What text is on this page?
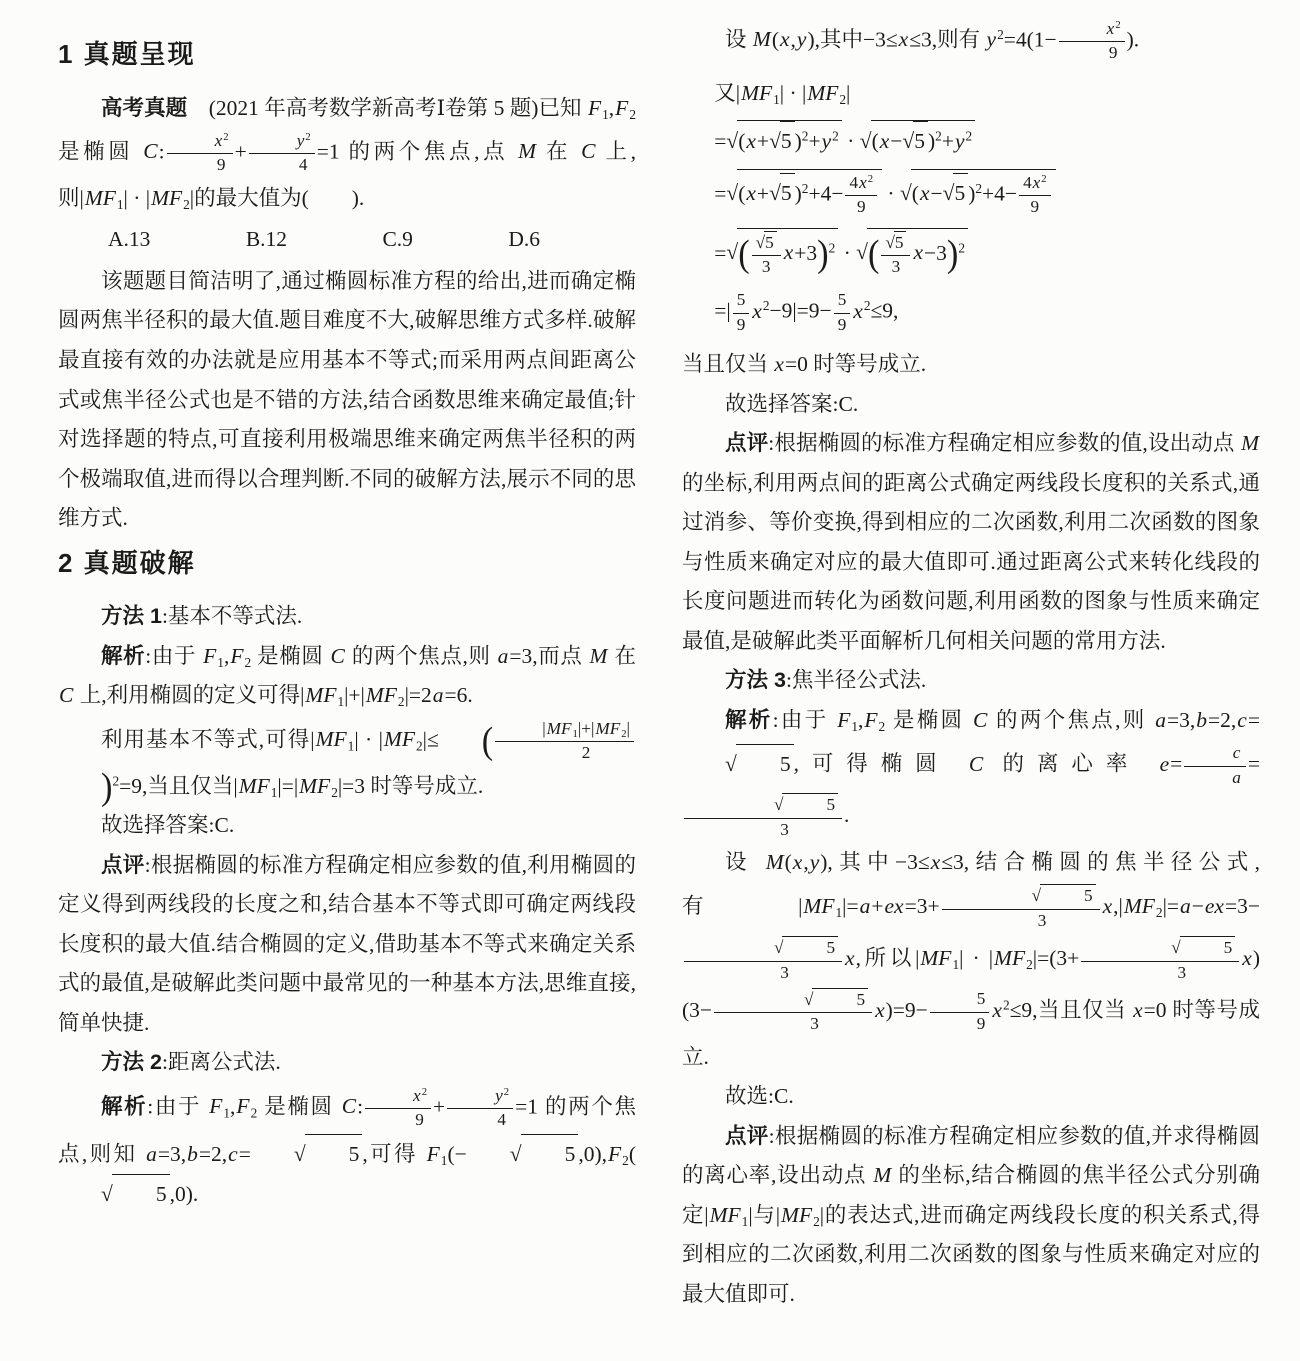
1 真题呈现
高考真题　(2021 年高考数学新高考Ⅰ卷第 5 题)已知 $F_1,F_2$ 是椭圆 C: $\frac{x^2}{9} + \frac{y^2}{4} =1$ 的两个焦点,点 M 在 C 上,则$|MF_1| \cdot |MF_2|$的最大值为(　　).
A.13	B.12	C.9	D.6
该题题目简洁明了,通过椭圆标准方程的给出,进而确定椭圆两焦半径积的最大值.题目难度不大,破解思维方式多样.破解最直接有效的办法就是应用基本不等式;而采用两点间距离公式或焦半径公式也是不错的方法,结合函数思维来确定最值;针对选择题的特点,可直接利用极端思维来确定两焦半径积的两个极端取值,进而得以合理判断.不同的破解方法,展示不同的思维方式.
2 真题破解
方法 1:基本不等式法.
解析:由于 $F_1,F_2$ 是椭圆 C 的两个焦点,则 a=3,而点 M 在 C 上,利用椭圆的定义可得$|MF_1|+|MF_2|=2a=6$.
利用基本不等式,可得$|MF_1| \cdot |MF_2|\le$ ( $\frac{|MF_1|+|MF_2|}{2}$
)$^2$=9,当且仅当$|MF_1|=|MF_2|=3$ 时等号成立.
故选择答案:C.
点评:根据椭圆的标准方程确定相应参数的值,利用椭圆的定义得到两线段的长度之和,结合基本不等式即可确定两线段长度积的最大值.结合椭圆的定义,借助基本不等式来确定关系式的最值,是破解此类问题中最常见的一种基本方法,思维直接,简单快捷.
方法 2:距离公式法.
解析:由于 $F_1,F_2$ 是椭圆 C: $\frac{x^2}{9} + \frac{y^2}{4} =1$ 的两个焦点,则知 a=3,b=2,c=	√ 5 ,可得 $F_1(-$	√ 5 $,0),F_2(√$ 5 ,0).
设 M(x,y),其中−3≤x≤3,则有 $y^2=4(1- \frac{x^2}{9}$ ).
又$|MF_1| \cdot |MF_2|$
= √ (x+ √ 5 )$^2+y^2$ · √ (x− √ 5 )$^2+y^2$
= √ (x+ √ 5 )$^2+4- \frac{4x^2}{9}$ · √ (x− √ 5 )$^2+4- \frac{4x^2}{9}$
= √ ( √ $\frac{5}{3} x+3)^2$ · √ ( √ $\frac{5}{3} x-3)^2$
=| $\frac{5}{9} x^2-9|=9- \frac{5}{9} x^2\le 9$,
当且仅当 x=0 时等号成立.
故选择答案:C.
点评:根据椭圆的标准方程确定相应参数的值,设出动点 M 的坐标,利用两点间的距离公式确定两线段长度积的关系式,通过消参、等价变换,得到相应的二次函数,利用二次函数的图象与性质来确定对应的最大值即可.通过距离公式来转化线段的长度问题进而转化为函数问题,利用函数的图象与性质来确定最值,是破解此类平面解析几何相关问题的常用方法.
方法 3:焦半径公式法.
解析:由于 $F_1,F_2$ 是椭圆 C 的两个焦点,则 a=3,b=2,c=√ 5 ,可得椭圆 C 的离心率 $e= \frac{c}{a}$ =
√ $\frac{5}{3}$ .
设 M(x,y),其中−3≤x≤3,结合椭圆的焦半径公式,有$|MF_1|=a+ex=3+$ √ $\frac{5}{3} x,|MF_2|=a-ex=3-$
√ $\frac{5}{3} x$,所以$|MF_1| \cdot |MF_2|=(3+$ √ $\frac{5}{3} x)(3-$ √ $\frac{5}{3} x)=9- \frac{5}{9} x^2\le 9$,当且仅当 x=0 时等号成立.
故选:C.
点评:根据椭圆的标准方程确定相应参数的值,并求得椭圆的离心率,设出动点 M 的坐标,结合椭圆的焦半径公式分别确定$|MF_1|$与$|MF_2|$的表达式,进而确定两线段长度的积关系式,得到相应的二次函数,利用二次函数的图象与性质来确定对应的最大值即可.
